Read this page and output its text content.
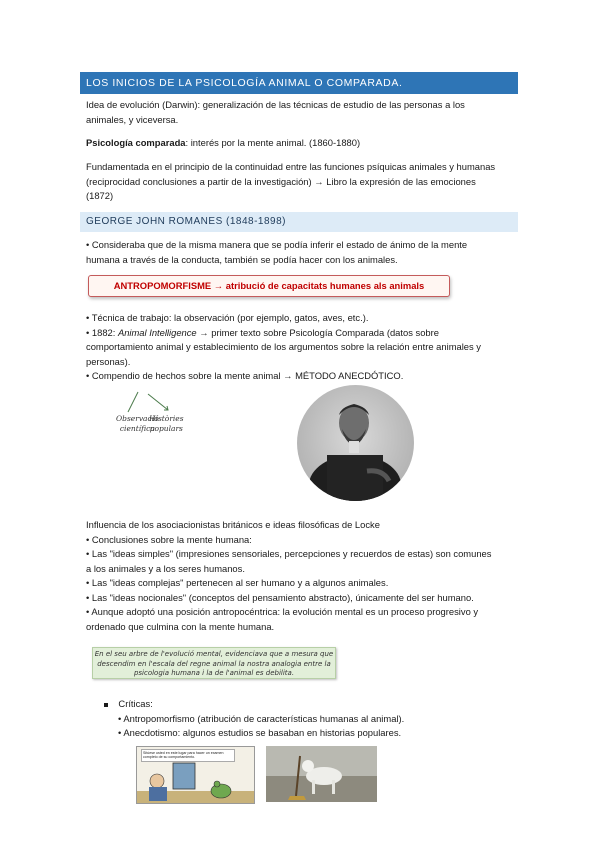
LOS INICIOS DE LA PSICOLOGÍA ANIMAL O COMPARADA.

Idea de evolución (Darwin): generalización de las técnicas de estudio de las personas a los
animales, y viceversa.

Psicología comparada: interés por la mente animal. (1860-1880)

Fundamentada en el principio de la continuidad entre las funciones psíquicas animales y humanas
(reciprocidad conclusiones a partir de la investigación) → Libro la expresión de las emociones
(1872)

GEORGE JOHN ROMANES (1848-1898)

• Consideraba que de la misma manera que se podía inferir el estado de ánimo de la mente
humana a través de la conducta, también se podía hacer con los animales.

ANTROPOMORFISME → atribució de capacitats humanes als animals

• Técnica de trabajo: la observación (por ejemplo, gatos, aves, etc.).
• 1882: Animal Intelligence → primer texto sobre Psicología Comparada (datos sobre
comportamiento animal y establecimiento de los argumentos sobre la relación entre animales y
personas).
• Compendio de hechos sobre la mente animal → MÉTODO ANECDÓTICO.

Observació
científica
Històries
populars

Influencia de los asociacionistas británicos e ideas filosóficas de Locke
• Conclusiones sobre la mente humana:
• Las "ideas simples" (impresiones sensoriales, percepciones y recuerdos de estas) son comunes
a los animales y a los seres humanos.
• Las "ideas complejas" pertenecen al ser humano y a algunos animales.
• Las "ideas nocionales" (conceptos del pensamiento abstracto), únicamente del ser humano.
• Aunque adoptó una posición antropocéntrica: la evolución mental es un proceso progresivo y
ordenado que culmina con la mente humana.

En el seu arbre de l'evolució mental, evidenciava que a mesura que
descendim en l'escala del regne animal la nostra analogia entre la
psicologia humana i la de l'animal es debilita.
Críticas:
• Antropomorfismo (atribución de características humanas al animal).
• Anecdotismo: algunos estudios se basaban en historias populares.
Sitúese usted en este lugar para hacer un examen completo de su comportamiento.
